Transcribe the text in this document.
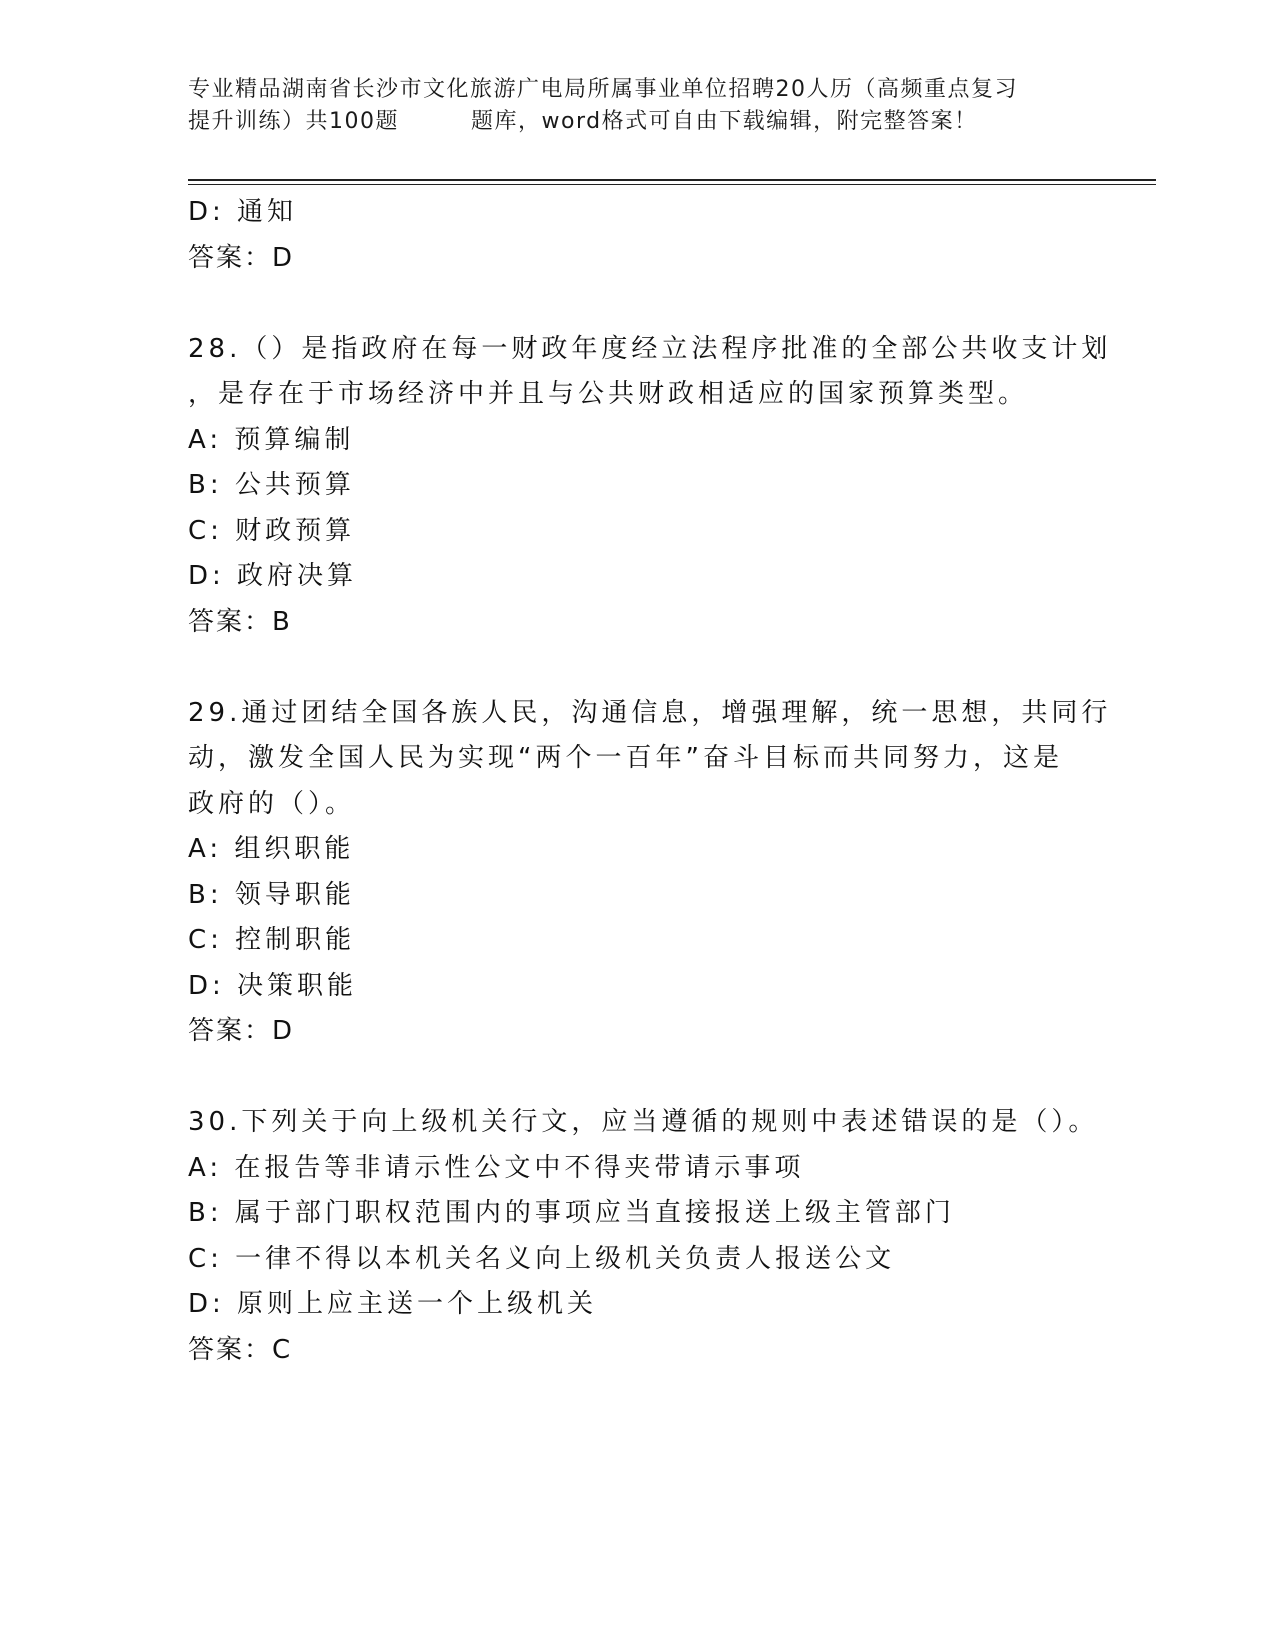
专业精品湖南省长沙市文化旅游广电局所属事业单位招聘20人历（高频重点复习
提升训练）共100题	题库，word格式可自由下载编辑，附完整答案！
D: 通知
答案：D
28.（）是指政府在每一财政年度经立法程序批准的全部公共收支计划
，是存在于市场经济中并且与公共财政相适应的国家预算类型。
A: 预算编制
B: 公共预算
C: 财政预算
D: 政府决算
答案：B
29.通过团结全国各族人民，沟通信息，增强理解，统一思想，共同行
动，激发全国人民为实现“两个一百年”奋斗目标而共同努力，这是
政府的（）。
A: 组织职能
B: 领导职能
C: 控制职能
D: 决策职能
答案：D
30.下列关于向上级机关行文，应当遵循的规则中表述错误的是（）。
A: 在报告等非请示性公文中不得夹带请示事项
B: 属于部门职权范围内的事项应当直接报送上级主管部门
C: 一律不得以本机关名义向上级机关负责人报送公文
D: 原则上应主送一个上级机关
答案：C
